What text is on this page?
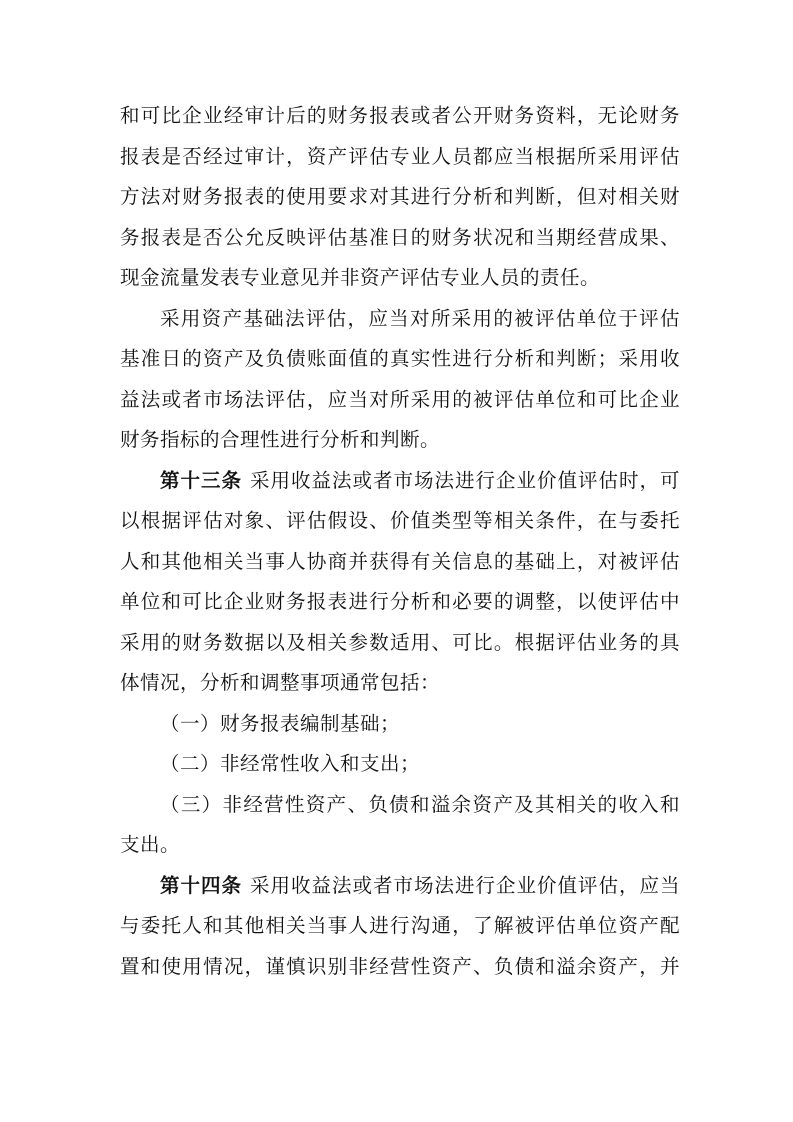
和可比企业经审计后的财务报表或者公开财务资料，无论财务
报表是否经过审计，资产评估专业人员都应当根据所采用评估
方法对财务报表的使用要求对其进行分析和判断，但对相关财
务报表是否公允反映评估基准日的财务状况和当期经营成果、
现金流量发表专业意见并非资产评估专业人员的责任。
采用资产基础法评估，应当对所采用的被评估单位于评估
基准日的资产及负债账面值的真实性进行分析和判断；采用收
益法或者市场法评估，应当对所采用的被评估单位和可比企业
财务指标的合理性进行分析和判断。
第十三条 采用收益法或者市场法进行企业价值评估时，可
以根据评估对象、评估假设、价值类型等相关条件，在与委托
人和其他相关当事人协商并获得有关信息的基础上，对被评估
单位和可比企业财务报表进行分析和必要的调整，以使评估中
采用的财务数据以及相关参数适用、可比。根据评估业务的具
体情况，分析和调整事项通常包括：
（一）财务报表编制基础；
（二）非经常性收入和支出；
（三）非经营性资产、负债和溢余资产及其相关的收入和
支出。
第十四条 采用收益法或者市场法进行企业价值评估，应当
与委托人和其他相关当事人进行沟通，了解被评估单位资产配
置和使用情况，谨慎识别非经营性资产、负债和溢余资产，并
